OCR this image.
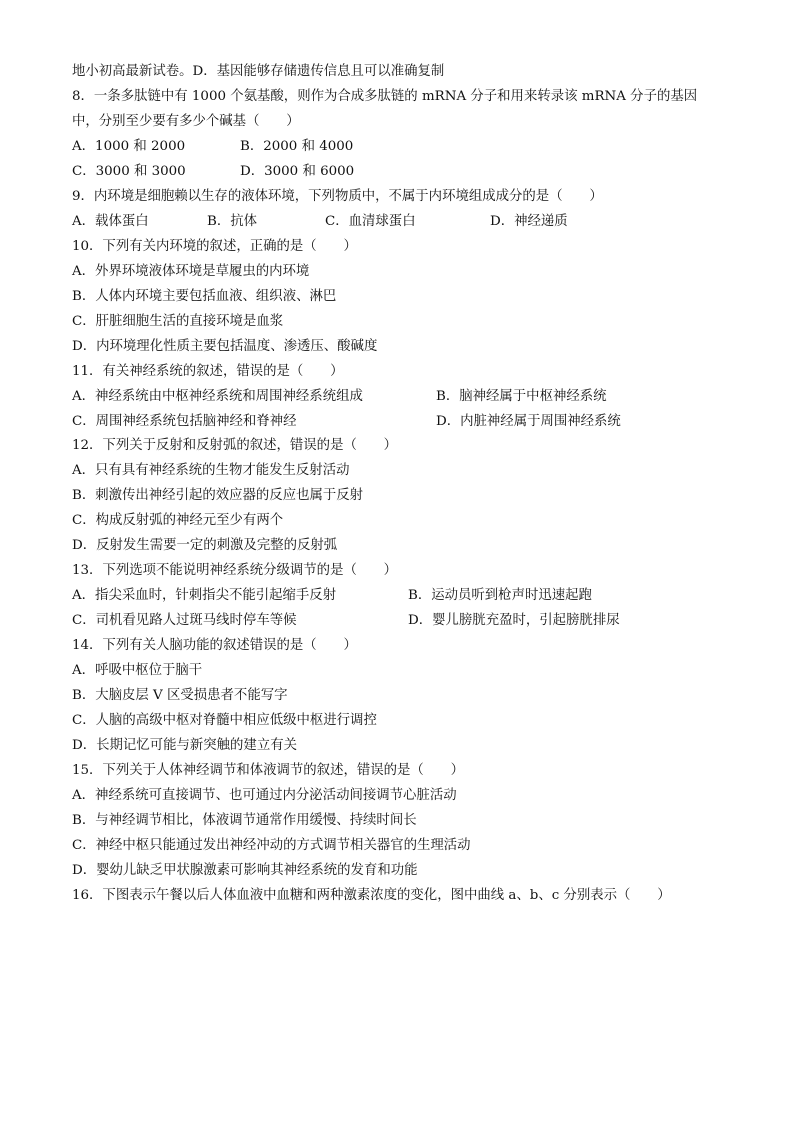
地小初高最新试卷。D．基因能够存储遗传信息且可以准确复制
8．一条多肽链中有 1000 个氨基酸，则作为合成多肽链的 mRNA 分子和用来转录该 mRNA 分子的基因
中，分别至少要有多少个碱基（　　）
A．1000 和 2000	B．2000 和 4000
C．3000 和 3000	D．3000 和 6000
9．内环境是细胞赖以生存的液体环境，下列物质中，不属于内环境组成成分的是（　　）
A．载体蛋白	B．抗体	C．血清球蛋白	D．神经递质
10．下列有关内环境的叙述，正确的是（　　）
A．外界环境液体环境是草履虫的内环境
B．人体内环境主要包括血液、组织液、淋巴
C．肝脏细胞生活的直接环境是血浆
D．内环境理化性质主要包括温度、渗透压、酸碱度
11．有关神经系统的叙述，错误的是（　　）
A．神经系统由中枢神经系统和周围神经系统组成	B．脑神经属于中枢神经系统
C．周围神经系统包括脑神经和脊神经	D．内脏神经属于周围神经系统
12．下列关于反射和反射弧的叙述，错误的是（　　）
A．只有具有神经系统的生物才能发生反射活动
B．刺激传出神经引起的效应器的反应也属于反射
C．构成反射弧的神经元至少有两个
D．反射发生需要一定的刺激及完整的反射弧
13．下列选项不能说明神经系统分级调节的是（　　）
A．指尖采血时，针刺指尖不能引起缩手反射	B．运动员听到枪声时迅速起跑
C．司机看见路人过斑马线时停车等候	D．婴儿膀胱充盈时，引起膀胱排尿
14．下列有关人脑功能的叙述错误的是（　　）
A．呼吸中枢位于脑干
B．大脑皮层 V 区受损患者不能写字
C．人脑的高级中枢对脊髓中相应低级中枢进行调控
D．长期记忆可能与新突触的建立有关
15．下列关于人体神经调节和体液调节的叙述，错误的是（　　）
A．神经系统可直接调节、也可通过内分泌活动间接调节心脏活动
B．与神经调节相比，体液调节通常作用缓慢、持续时间长
C．神经中枢只能通过发出神经冲动的方式调节相关器官的生理活动
D．婴幼儿缺乏甲状腺激素可影响其神经系统的发育和功能
16．下图表示午餐以后人体血液中血糖和两种激素浓度的变化，图中曲线 a、b、c 分别表示（　　）
